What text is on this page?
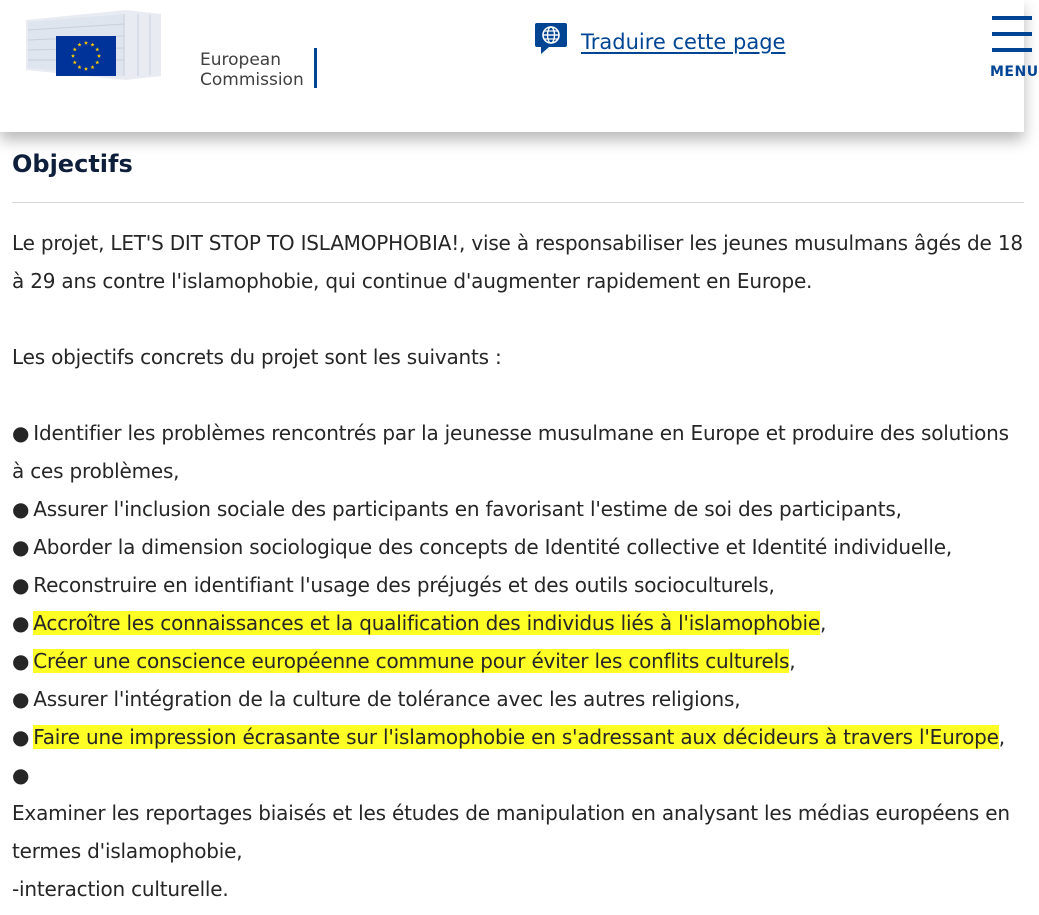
European
Commission
Traduire cette page
MENU
Objectifs

Le projet, LET'S DIT STOP TO ISLAMOPHOBIA!, vise à responsabiliser les jeunes musulmans âgés de 18 à 29 ans contre l'islamophobie, qui continue d'augmenter rapidement en Europe.

Les objectifs concrets du projet sont les suivants :

● Identifier les problèmes rencontrés par la jeunesse musulmane en Europe et produire des solutions à ces problèmes,

● Assurer l'inclusion sociale des participants en favorisant l'estime de soi des participants,

● Aborder la dimension sociologique des concepts de Identité collective et Identité individuelle,

● Reconstruire en identifiant l'usage des préjugés et des outils socioculturels,

● Accroître les connaissances et la qualification des individus liés à l'islamophobie,

● Créer une conscience européenne commune pour éviter les conflits culturels,

● Assurer l'intégration de la culture de tolérance avec les autres religions,

● Faire une impression écrasante sur l'islamophobie en s'adressant aux décideurs à travers l'Europe, ●

Examiner les reportages biaisés et les études de manipulation en analysant les médias européens en termes d'islamophobie,

-interaction culturelle.
